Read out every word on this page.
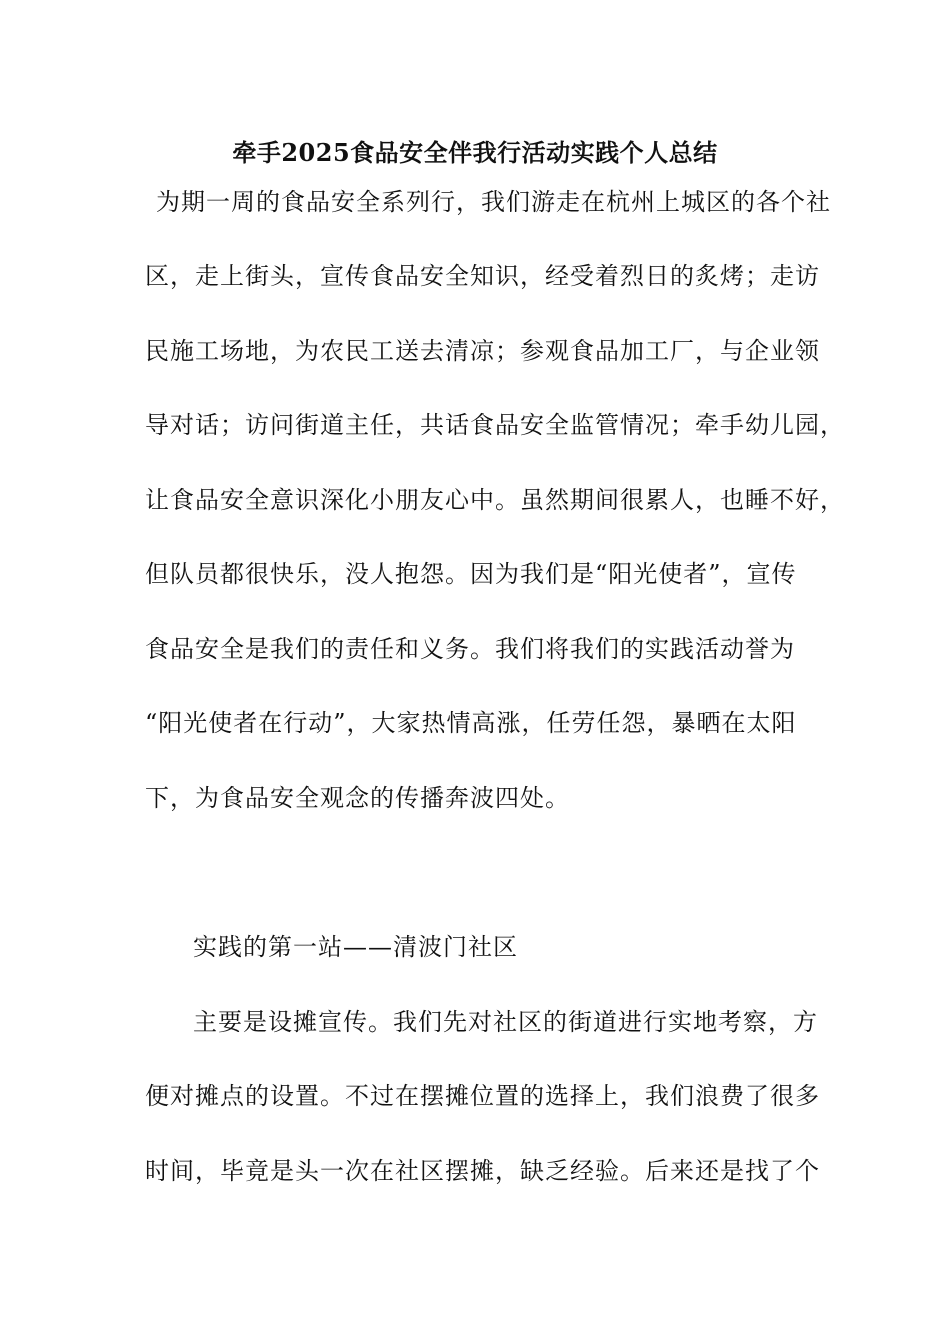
牵手2025食品安全伴我行活动实践个人总结
为期一周的食品安全系列行，我们游走在杭州上城区的各个社
区，走上街头，宣传食品安全知识，经受着烈日的炙烤；走访
民施工场地，为农民工送去清凉；参观食品加工厂，与企业领
导对话；访问街道主任，共话食品安全监管情况；牵手幼儿园，
让食品安全意识深化小朋友心中。虽然期间很累人，也睡不好，
但队员都很快乐，没人抱怨。因为我们是“阳光使者”，宣传
食品安全是我们的责任和义务。我们将我们的实践活动誉为
“阳光使者在行动”，大家热情高涨，任劳任怨，暴晒在太阳
下，为食品安全观念的传播奔波四处。
实践的第一站——清波门社区
主要是设摊宣传。我们先对社区的街道进行实地考察，方
便对摊点的设置。不过在摆摊位置的选择上，我们浪费了很多
时间，毕竟是头一次在社区摆摊，缺乏经验。后来还是找了个
